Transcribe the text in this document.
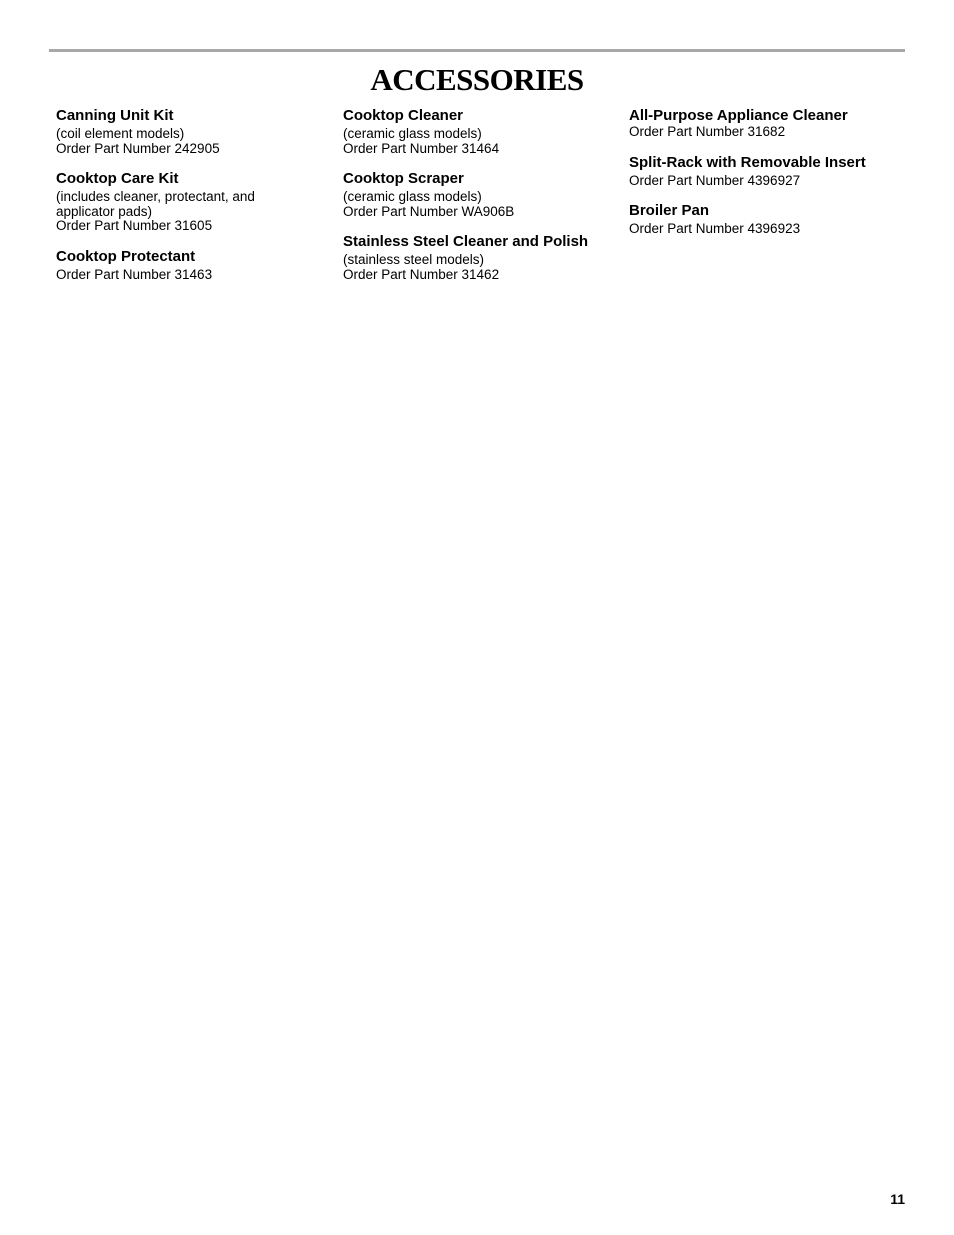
ACCESSORIES

Canning Unit Kit

(coil element models)

Order Part Number 242905

Cooktop Care Kit

(includes cleaner, protectant, and

applicator pads)

Order Part Number 31605

Cooktop Protectant

Order Part Number 31463

Cooktop Cleaner

(ceramic glass models)

Order Part Number 31464

Cooktop Scraper

(ceramic glass models)

Order Part Number WA906B

Stainless Steel Cleaner and Polish

(stainless steel models)

Order Part Number 31462

All-Purpose Appliance Cleaner

Order Part Number 31682

Split-Rack with Removable Insert

Order Part Number 4396927

Broiler Pan

Order Part Number 4396923

11
